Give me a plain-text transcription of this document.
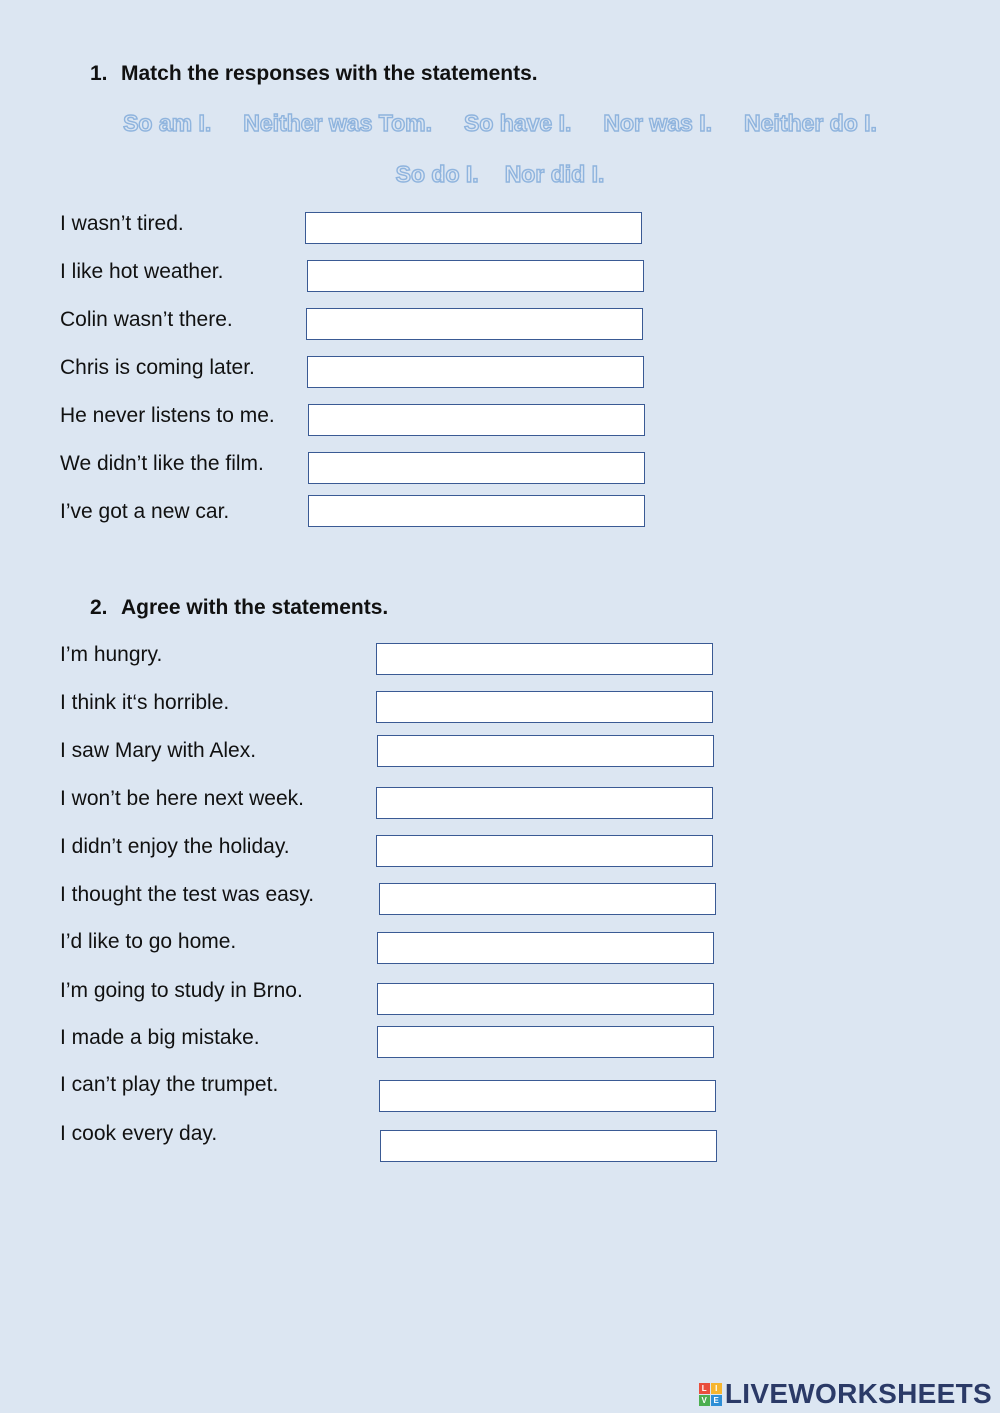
1. Match the responses with the statements.
So am I. Neither was Tom. So have I. Nor was I. Neither do I.
So do I. Nor did I.

I wasn’t tired.

I like hot weather.

Colin wasn’t there.

Chris is coming later.

He never listens to me.

We didn’t like the film.

I’ve got a new car.

2. Agree with the statements.

I’m hungry.

I think it‘s horrible.

I saw Mary with Alex.

I won’t be here next week.

I didn’t enjoy the holiday.

I thought the test was easy.

I’d like to go home.

I’m going to study in Brno.

I made a big mistake.

I can’t play the trumpet.

I cook every day.

L	I
V E LIVEWORKSHEETS
